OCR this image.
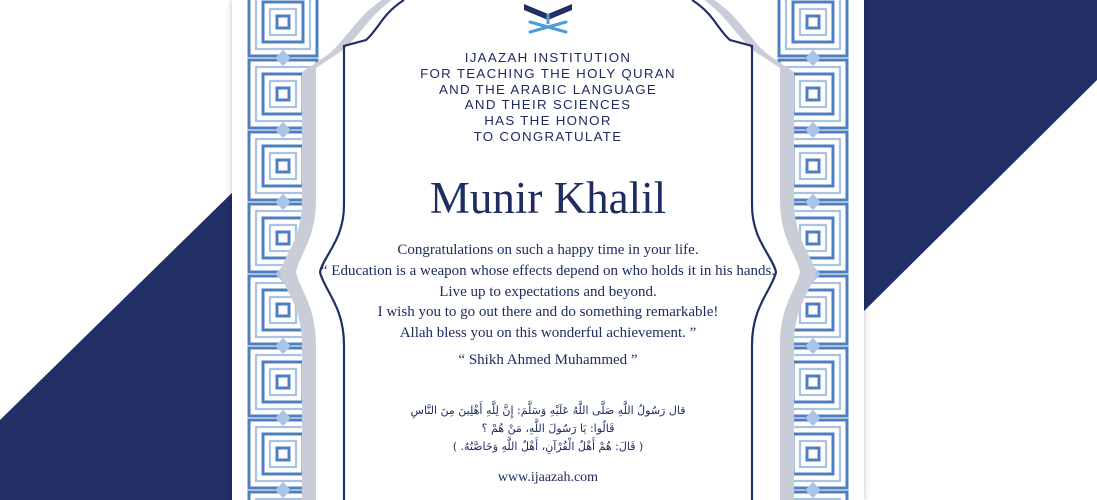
IJAAZAH INSTITUTION
FOR TEACHING THE HOLY QURAN
AND THE ARABIC LANGUAGE
AND THEIR SCIENCES
HAS THE HONOR
TO CONGRATULATE
Munir Khalil
Congratulations on such a happy time in your life.
“ Education is a weapon whose effects depend on who holds it in his hands.
Live up to expectations and beyond.
I wish you to go out there and do something remarkable!
Allah bless you on this wonderful achievement. ”
“ Shikh Ahmed Muhammed ”
قال رَسُولُ اللَّهِ صَلَّى اللَّهُ عَلَيْهِ وَسَلَّمَ: إِنَّ لِلَّهِ أَهْلِينَ مِنَ النَّاسِ
قَالُوا: يَا رَسُولَ اللَّهِ، مَنْ هُمْ ؟
( قَالَ: هُمْ أَهْلُ الْقُرْآنِ، أَهْلُ اللَّهِ وَخَاصَّتُهُ. )
www.ijaazah.com
